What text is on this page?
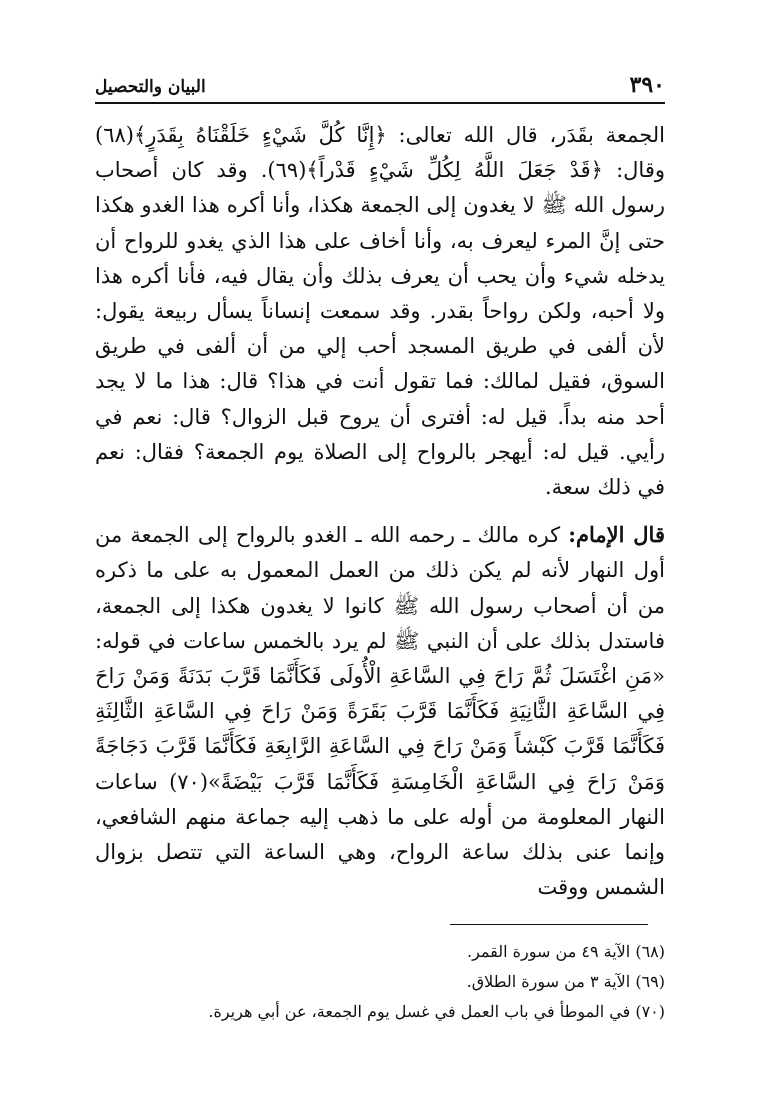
٣٩٠
البيان والتحصيل

الجمعة بقَدَر، قال الله تعالى: ﴿إِنَّا كُلَّ شَيْءٍ خَلَقْنَاهُ بِقَدَرٍ﴾(٦٨) وقال: ﴿قَدْ جَعَلَ اللَّهُ لِكُلِّ شَيْءٍ قَدْراً﴾(٦٩). وقد كان أصحاب رسول الله ﷺ لا يغدون إلى الجمعة هكذا، وأنا أكره هذا الغدو هكذا حتى إنَّ المرء ليعرف به، وأنا أخاف على هذا الذي يغدو للرواح أن يدخله شيء وأن يحب أن يعرف بذلك وأن يقال فيه، فأنا أكره هذا ولا أحبه، ولكن رواحاً بقدر. وقد سمعت إنساناً يسأل ربيعة يقول: لأن ألفى في طريق المسجد أحب إلي من أن ألفى في طريق السوق، فقيل لمالك: فما تقول أنت في هذا؟ قال: هذا ما لا يجد أحد منه بداً. قيل له: أفترى أن يروح قبل الزوال؟ قال: نعم في رأيي. قيل له: أيهجر بالرواح إلى الصلاة يوم الجمعة؟ فقال: نعم في ذلك سعة.

قال الإمام: كره مالك ـ رحمه الله ـ الغدو بالرواح إلى الجمعة من أول النهار لأنه لم يكن ذلك من العمل المعمول به على ما ذكره من أن أصحاب رسول الله ﷺ كانوا لا يغدون هكذا إلى الجمعة، فاستدل بذلك على أن النبي ﷺ لم يرد بالخمس ساعات في قوله: «مَنِ اغْتَسَلَ ثُمَّ رَاحَ فِي السَّاعَةِ الْأُولَى فَكَأَنَّمَا قَرَّبَ بَدَنَةً وَمَنْ رَاحَ فِي السَّاعَةِ الثَّانِيَةِ فَكَأَنَّمَا قَرَّبَ بَقَرَةً وَمَنْ رَاحَ فِي السَّاعَةِ الثَّالِثَةِ فَكَأَنَّمَا قَرَّبَ كَبْشاً وَمَنْ رَاحَ فِي السَّاعَةِ الرَّابِعَةِ فَكَأَنَّمَا قَرَّبَ دَجَاجَةً وَمَنْ رَاحَ فِي السَّاعَةِ الْخَامِسَةِ فَكَأَنَّمَا قَرَّبَ بَيْضَةً»(٧٠) ساعات النهار المعلومة من أوله على ما ذهب إليه جماعة منهم الشافعي، وإنما عنى بذلك ساعة الرواح، وهي الساعة التي تتصل بزوال الشمس ووقت

(٦٨) الآية ٤٩ من سورة القمر.

(٦٩) الآية ٣ من سورة الطلاق.

(٧٠) في الموطأ في باب العمل في غسل يوم الجمعة، عن أبي هريرة.
